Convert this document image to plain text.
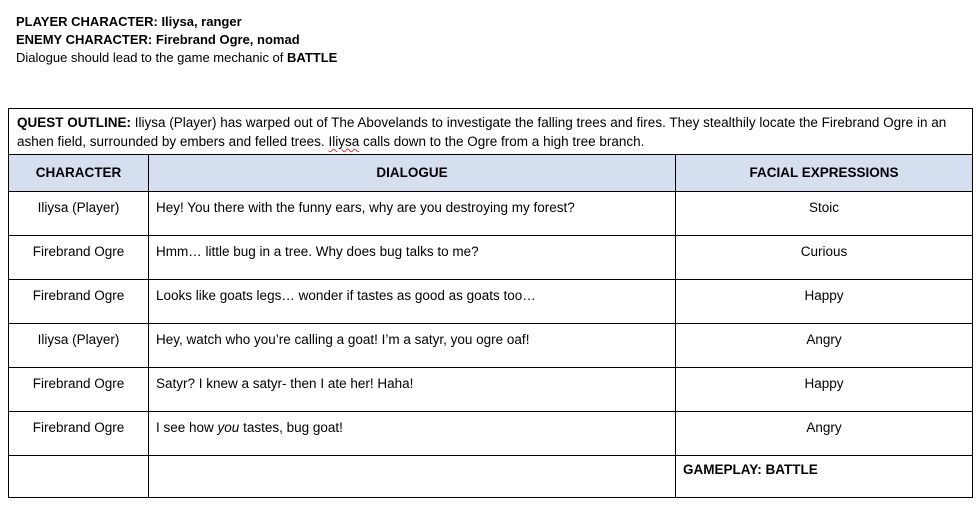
PLAYER CHARACTER: Iliysa, ranger
ENEMY CHARACTER: Firebrand Ogre, nomad
Dialogue should lead to the game mechanic of BATTLE
QUEST OUTLINE: Iliysa (Player) has warped out of The Abovelands to investigate the falling trees and fires. They stealthily locate the Firebrand Ogre in an ashen field, surrounded by embers and felled trees. Iliysa calls down to the Ogre from a high tree branch.		
CHARACTER	DIALOGUE	FACIAL EXPRESSIONS
Iliysa (Player)	Hey! You there with the funny ears, why are you destroying my forest?	Stoic
Firebrand Ogre	Hmm… little bug in a tree. Why does bug talks to me?	Curious
Firebrand Ogre	Looks like goats legs… wonder if tastes as good as goats too…	Happy
Iliysa (Player)	Hey, watch who you’re calling a goat! I’m a satyr, you ogre oaf!	Angry
Firebrand Ogre	Satyr? I knew a satyr- then I ate her! Haha!	Happy
Firebrand Ogre	I see how you tastes, bug goat!	Angry
		GAMEPLAY: BATTLE
